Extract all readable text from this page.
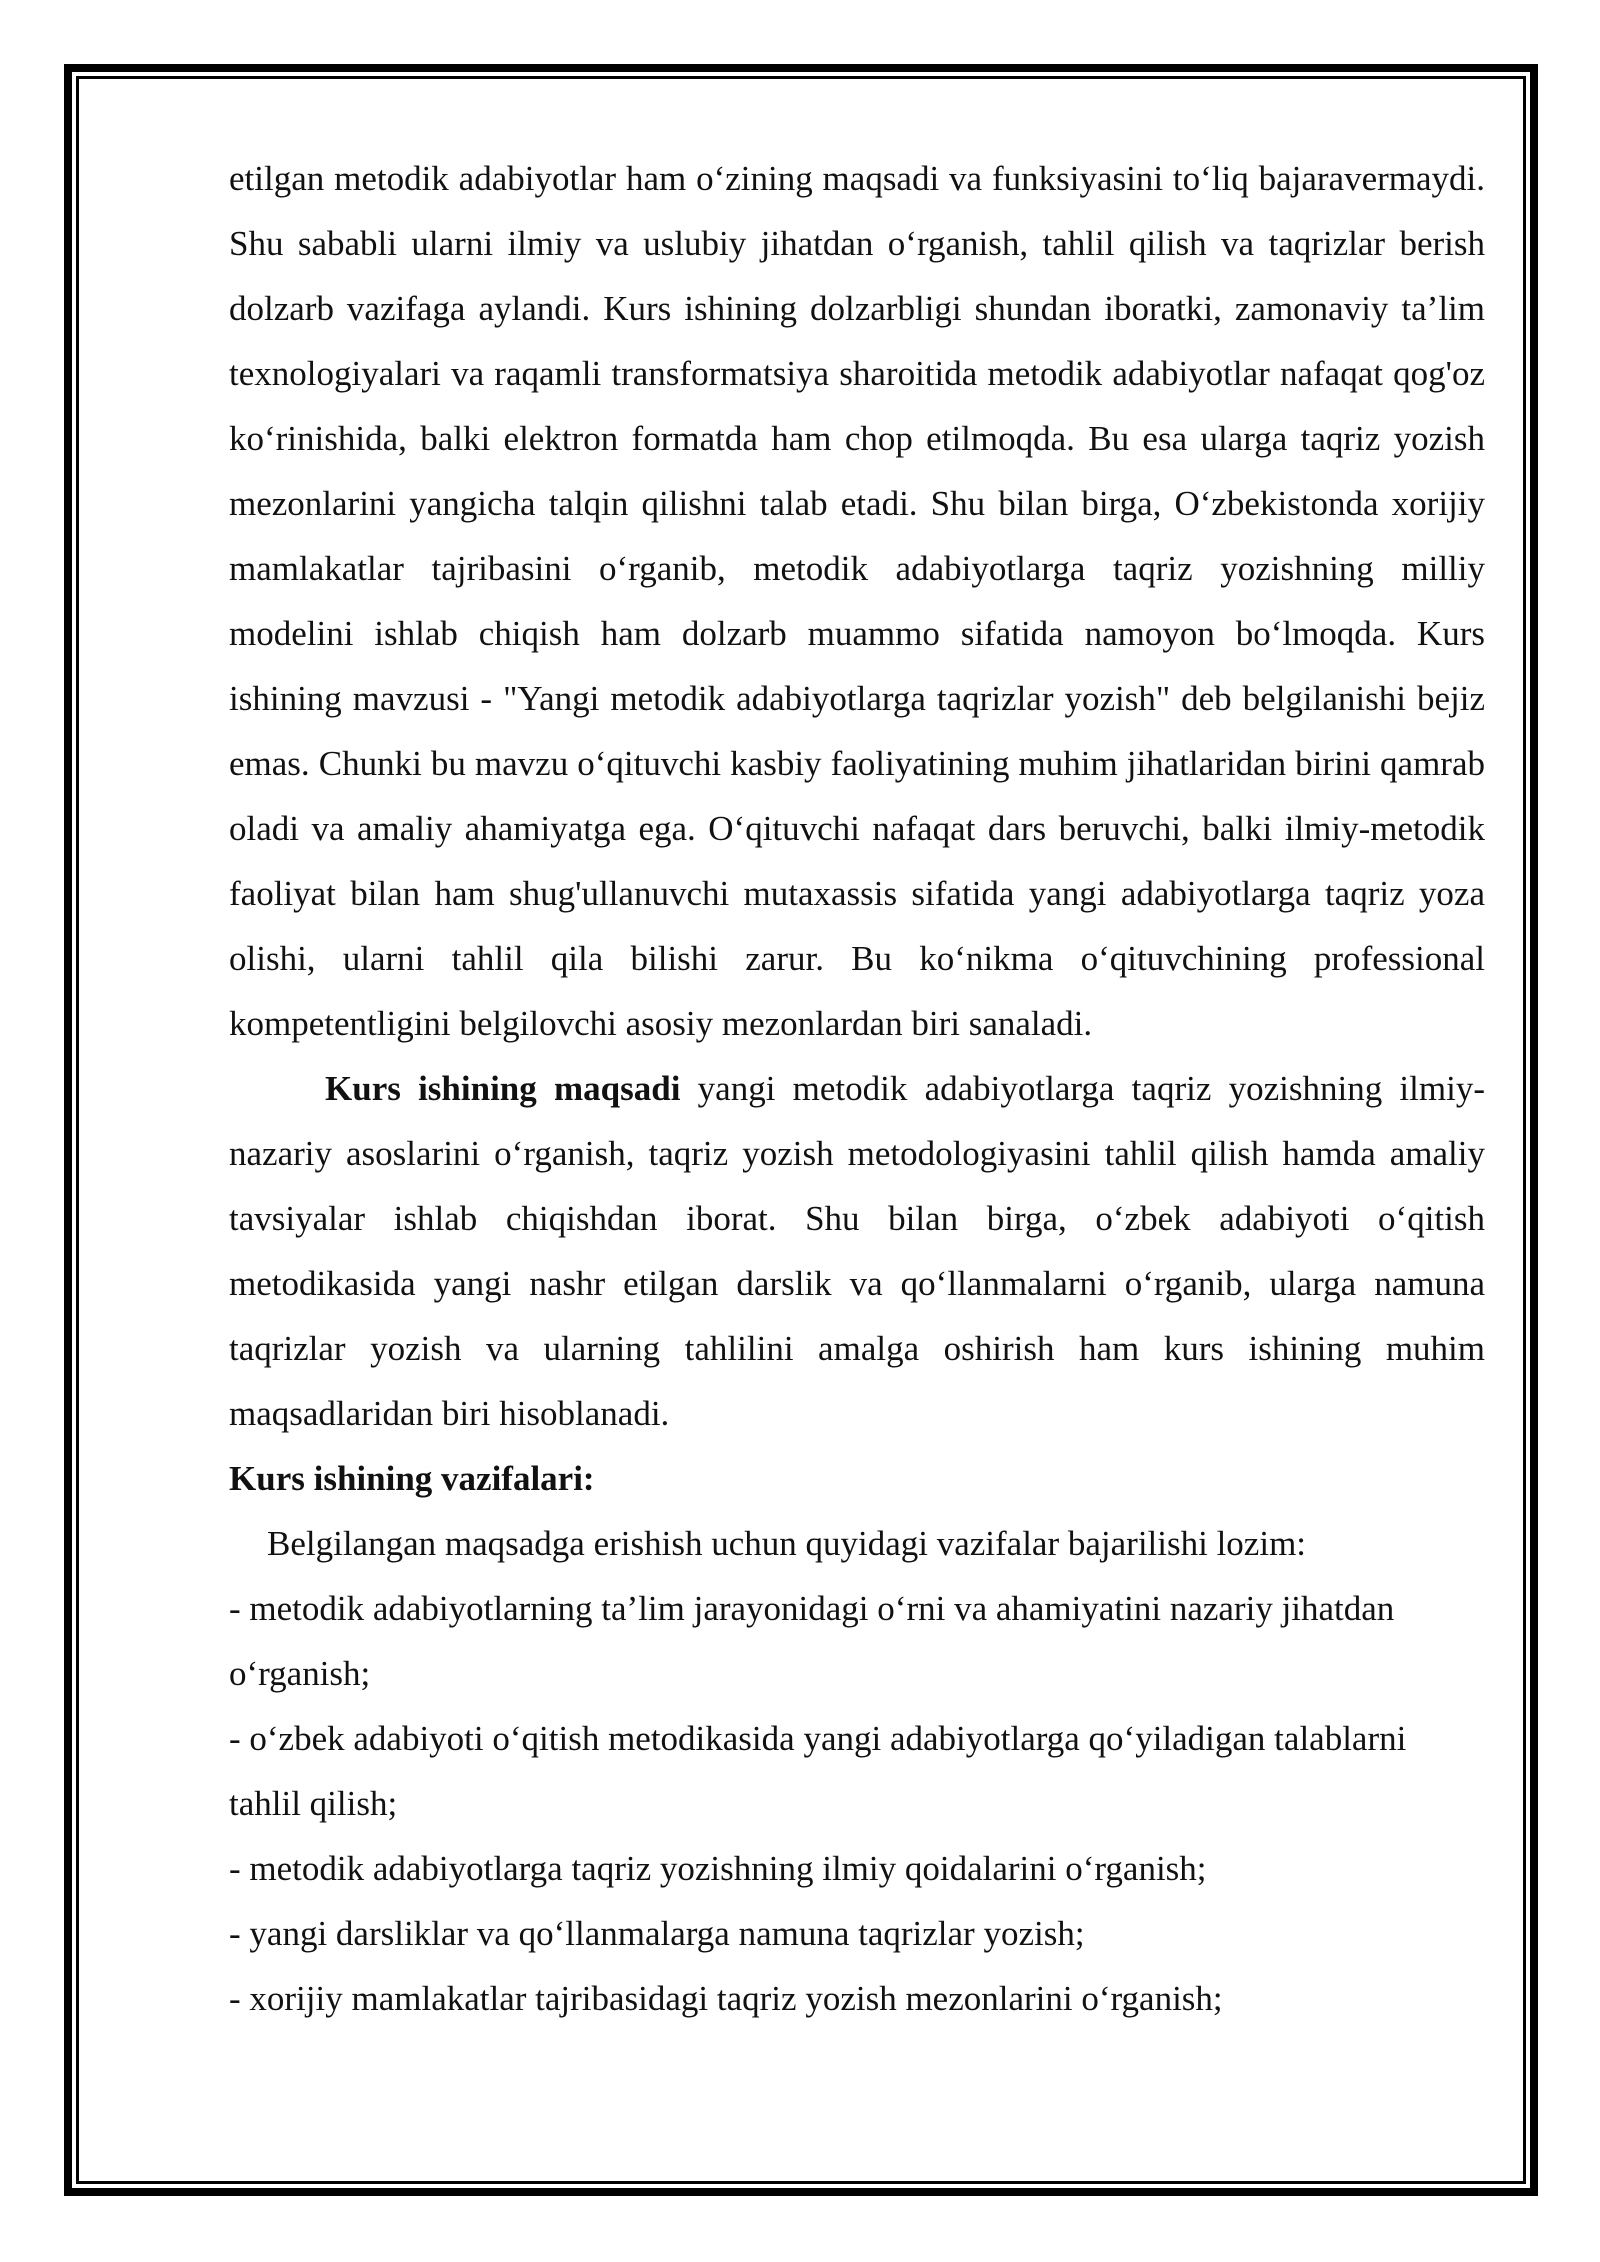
etilgan metodik adabiyotlar ham o‘zining maqsadi va funksiyasini to‘liq bajaravermaydi. Shu sababli ularni ilmiy va uslubiy jihatdan o‘rganish, tahlil qilish va taqrizlar berish dolzarb vazifaga aylandi. Kurs ishining dolzarbligi shundan iboratki, zamonaviy ta’lim texnologiyalari va raqamli transformatsiya sharoitida metodik adabiyotlar nafaqat qog'oz ko‘rinishida, balki elektron formatda ham chop etilmoqda. Bu esa ularga taqriz yozish mezonlarini yangicha talqin qilishni talab etadi. Shu bilan birga, O‘zbekistonda xorijiy mamlakatlar tajribasini o‘rganib, metodik adabiyotlarga taqriz yozishning milliy modelini ishlab chiqish ham dolzarb muammo sifatida namoyon bo‘lmoqda. Kurs ishining mavzusi - "Yangi metodik adabiyotlarga taqrizlar yozish" deb belgilanishi bejiz emas. Chunki bu mavzu o‘qituvchi kasbiy faoliyatining muhim jihatlaridan birini qamrab oladi va amaliy ahamiyatga ega. O‘qituvchi nafaqat dars beruvchi, balki ilmiy-metodik faoliyat bilan ham shug'ullanuvchi mutaxassis sifatida yangi adabiyotlarga taqriz yoza olishi, ularni tahlil qila bilishi zarur. Bu ko‘nikma o‘qituvchining professional kompetentligini belgilovchi asosiy mezonlardan biri sanaladi.

Kurs ishining maqsadi yangi metodik adabiyotlarga taqriz yozishning ilmiy-nazariy asoslarini o‘rganish, taqriz yozish metodologiyasini tahlil qilish hamda amaliy tavsiyalar ishlab chiqishdan iborat. Shu bilan birga, o‘zbek adabiyoti o‘qitish metodikasida yangi nashr etilgan darslik va qo‘llanmalarni o‘rganib, ularga namuna taqrizlar yozish va ularning tahlilini amalga oshirish ham kurs ishining muhim maqsadlaridan biri hisoblanadi.

Kurs ishining vazifalari:

Belgilangan maqsadga erishish uchun quyidagi vazifalar bajarilishi lozim:

- metodik adabiyotlarning ta’lim jarayonidagi o‘rni va ahamiyatini nazariy jihatdan o‘rganish;

- o‘zbek adabiyoti o‘qitish metodikasida yangi adabiyotlarga qo‘yiladigan talablarni tahlil qilish;

- metodik adabiyotlarga taqriz yozishning ilmiy qoidalarini o‘rganish;

- yangi darsliklar va qo‘llanmalarga namuna taqrizlar yozish;

- xorijiy mamlakatlar tajribasidagi taqriz yozish mezonlarini o‘rganish;
